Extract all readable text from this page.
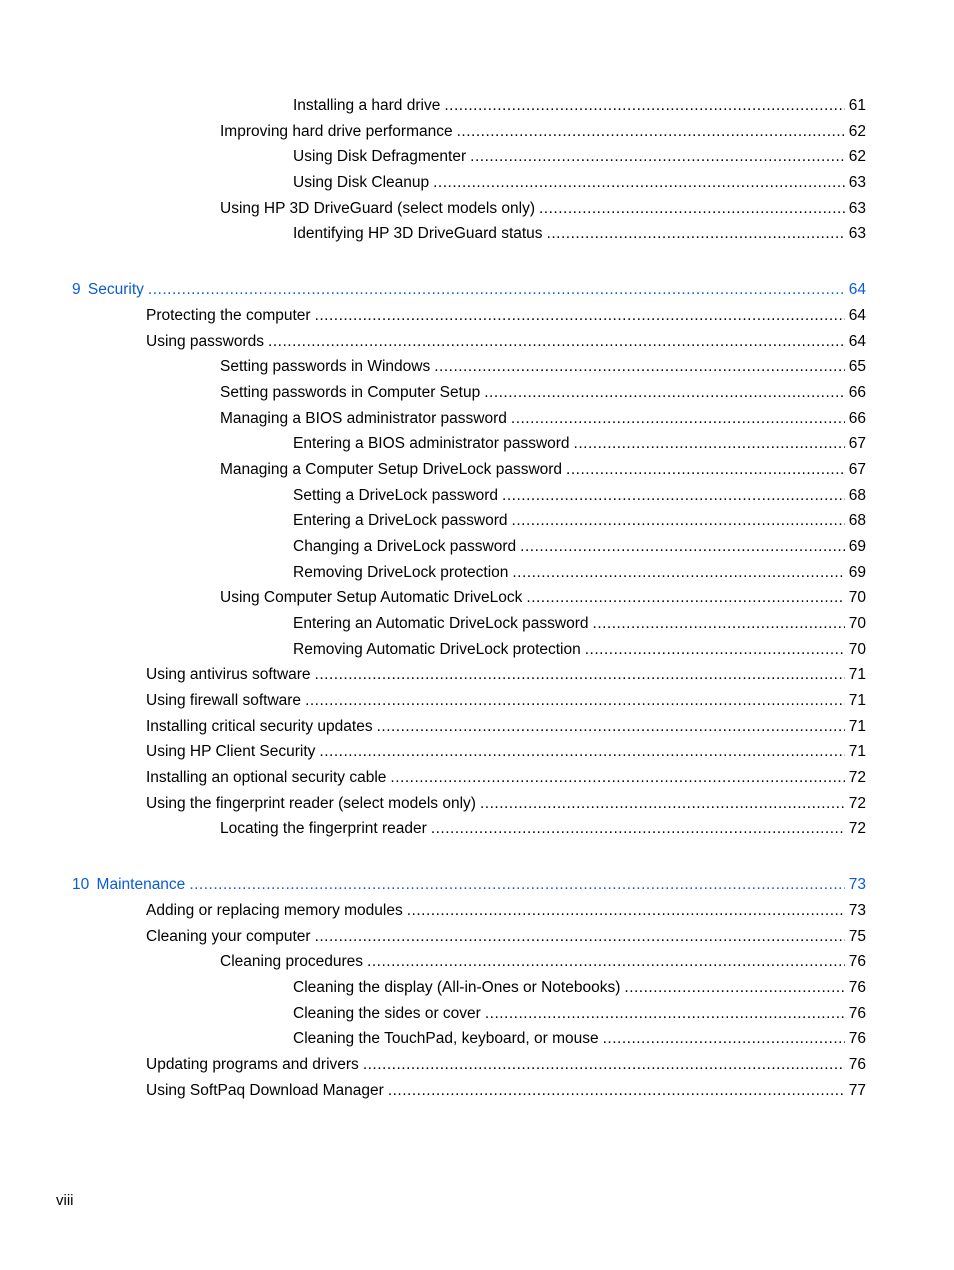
Installing a hard drive .....	61
Improving hard drive performance .....	62
Using Disk Defragmenter .....	62
Using Disk Cleanup .....	63
Using HP 3D DriveGuard (select models only) .....	63
Identifying HP 3D DriveGuard status .....	63
9 Security .....	64
Protecting the computer .....	64
Using passwords .....	64
Setting passwords in Windows .....	65
Setting passwords in Computer Setup .....	66
Managing a BIOS administrator password .....	66
Entering a BIOS administrator password .....	67
Managing a Computer Setup DriveLock password .....	67
Setting a DriveLock password .....	68
Entering a DriveLock password .....	68
Changing a DriveLock password .....	69
Removing DriveLock protection .....	69
Using Computer Setup Automatic DriveLock .....	70
Entering an Automatic DriveLock password .....	70
Removing Automatic DriveLock protection .....	70
Using antivirus software .....	71
Using firewall software .....	71
Installing critical security updates .....	71
Using HP Client Security .....	71
Installing an optional security cable .....	72
Using the fingerprint reader (select models only) .....	72
Locating the fingerprint reader .....	72
10 Maintenance .....	73
Adding or replacing memory modules .....	73
Cleaning your computer .....	75
Cleaning procedures .....	76
Cleaning the display (All-in-Ones or Notebooks) .....	76
Cleaning the sides or cover .....	76
Cleaning the TouchPad, keyboard, or mouse .....	76
Updating programs and drivers .....	76
Using SoftPaq Download Manager .....	77
viii
